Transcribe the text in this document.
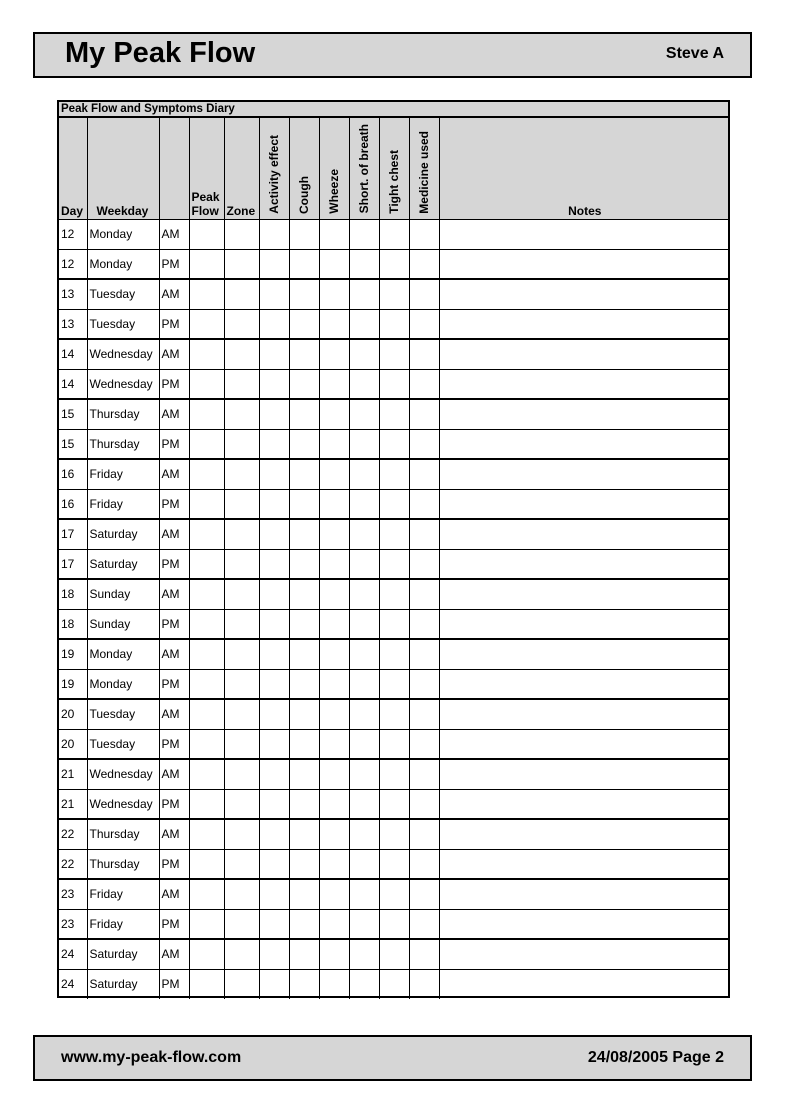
My Peak Flow	Steve A
Peak Flow and Symptoms Diary
Day	Weekday		Peak
Flow	Zone	Activity effect	Cough	Wheeze	Short. of breath	Tight chest	Medicine used	Notes
12	Monday	AM									
12	Monday	PM									
13	Tuesday	AM									
13	Tuesday	PM									
14	Wednesday	AM									
14	Wednesday	PM									
15	Thursday	AM									
15	Thursday	PM									
16	Friday	AM									
16	Friday	PM									
17	Saturday	AM									
17	Saturday	PM									
18	Sunday	AM									
18	Sunday	PM									
19	Monday	AM									
19	Monday	PM									
20	Tuesday	AM									
20	Tuesday	PM									
21	Wednesday	AM									
21	Wednesday	PM									
22	Thursday	AM									
22	Thursday	PM									
23	Friday	AM									
23	Friday	PM									
24	Saturday	AM									
24	Saturday	PM									
www.my-peak-flow.com	24/08/2005 Page 2
